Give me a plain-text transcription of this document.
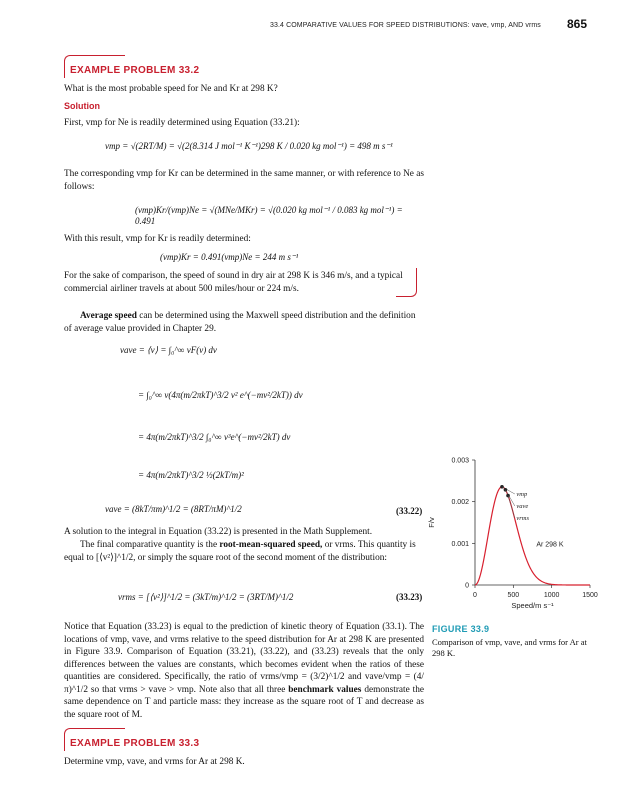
33.4 COMPARATIVE VALUES FOR SPEED DISTRIBUTIONS: vave, vmp, AND vrms	865
EXAMPLE PROBLEM 33.2
What is the most probable speed for Ne and Kr at 298 K?
Solution
First, vmp for Ne is readily determined using Equation (33.21):
vmp = √(2RT/M) = √(2(8.314 J mol⁻¹ K⁻¹)298 K / 0.020 kg mol⁻¹) = 498 m s⁻¹
The corresponding vmp for Kr can be determined in the same manner, or with reference to Ne as follows:
(vmp)Kr/(vmp)Ne = √(MNe/MKr) = √(0.020 kg mol⁻¹ / 0.083 kg mol⁻¹) = 0.491
With this result, vmp for Kr is readily determined:
(vmp)Kr = 0.491(vmp)Ne = 244 m s⁻¹
For the sake of comparison, the speed of sound in dry air at 298 K is 346 m/s, and a typical commercial airliner travels at about 500 miles/hour or 224 m/s.
Average speed can be determined using the Maxwell speed distribution and the definition of average value provided in Chapter 29.
vave = ⟨v⟩ = ∫₀^∞ vF(v) dv
= ∫₀^∞ v(4π(m/2πkT)^3/2 v² e^(−mv²/2kT)) dv
= 4π(m/2πkT)^3/2 ∫₀^∞ v³e^(−mv²/2kT) dv
= 4π(m/2πkT)^3/2 ½(2kT/m)²
vave = (8kT/πm)^1/2 = (8RT/πM)^1/2	(33.22)
A solution to the integral in Equation (33.22) is presented in the Math Supplement.
The final comparative quantity is the root-mean-squared speed, or vrms. This quantity is equal to [⟨v²⟩]^1/2, or simply the square root of the second moment of the distribution:
vrms = [⟨v²⟩]^1/2 = (3kT/m)^1/2 = (3RT/M)^1/2	(33.23)
Notice that Equation (33.23) is equal to the prediction of kinetic theory of Equation (33.1). The locations of vmp, vave, and vrms relative to the speed distribution for Ar at 298 K are presented in Figure 33.9. Comparison of Equation (33.21), (33.22), and (33.23) reveals that the only differences between the values are constants, which becomes evident when the ratios of these quantities are considered. Specifically, the ratio of vrms/vmp = (3/2)^1/2 and vave/vmp = (4/π)^1/2 so that vrms > vave > vmp. Note also that all three benchmark values demonstrate the same dependence on T and particle mass: they increase as the square root of T and decrease as the square root of M.
EXAMPLE PROBLEM 33.3
Determine vmp, vave, and vrms for Ar at 298 K.
0	500	1000	1500
0
0.001
0.002
0.003
Speed/m s⁻¹
F/v
vmp
vave
vrms
Ar 298 K
FIGURE 33.9
Comparison of vmp, vave, and vrms for Ar at 298 K.
